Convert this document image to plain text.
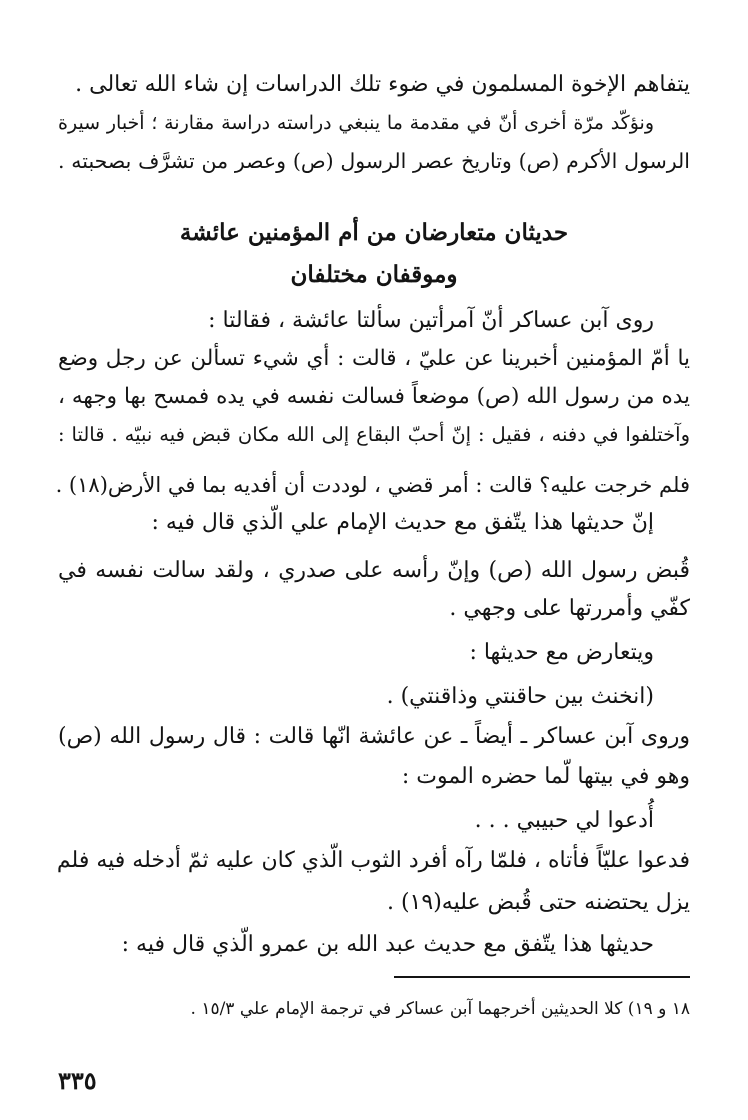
يتفاهم الإخوة المسلمون في ضوء تلك الدراسات إن شاء الله تعالى .
ونؤكّد مرّة أخرى أنّ في مقدمة ما ينبغي دراسته دراسة مقارنة ؛ أخبار سيرة
الرسول الأكرم (ص) وتاريخ عصر الرسول (ص) وعصر من تشرَّف بصحبته .
حديثان متعارضان من أم المؤمنين عائشة
وموقفان مختلفان
روى آبن عساكر أنّ آمرأتين سألتا عائشة ، فقالتا :
يا أمّ المؤمنين أخبرينا عن عليّ ، قالت : أي شيء تسألن عن رجل وضع
يده من رسول الله (ص) موضعاً فسالت نفسه في يده فمسح بها وجهه ،
وآختلفوا في دفنه ، فقيل : إنّ أحبّ البقاع إلى الله مكان قبض فيه نبيّه . قالتا :
فلم خرجت عليه؟ قالت : أمر قضي ، لوددت أن أفديه بما في الأرض(١٨) .
إنّ حديثها هذا يتّفق مع حديث الإمام علي الّذي قال فيه :
قُبض رسول الله (ص) وإنّ رأسه على صدري ، ولقد سالت نفسه في
كفّي وأمررتها على وجهي .
ويتعارض مع حديثها :
(انخنث بين حاقنتي وذاقنتي) .
وروى آبن عساكر ـ أيضاً ـ عن عائشة انّها قالت : قال رسول الله (ص)
وهو في بيتها لّما حضره الموت :
أُدعوا لي حبيبي . . .
فدعوا عليّاً فأتاه ، فلمّا رآه أفرد الثوب الّذي كان عليه ثمّ أدخله فيه فلم
يزل يحتضنه حتى قُبض عليه(١٩) .
حديثها هذا يتّفق مع حديث عبد الله بن عمرو الّذي قال فيه :
١٨ و ١٩) كلا الحديثين أخرجهما آبن عساكر في ترجمة الإمام علي ١٥/٣ .
٣٣٥
